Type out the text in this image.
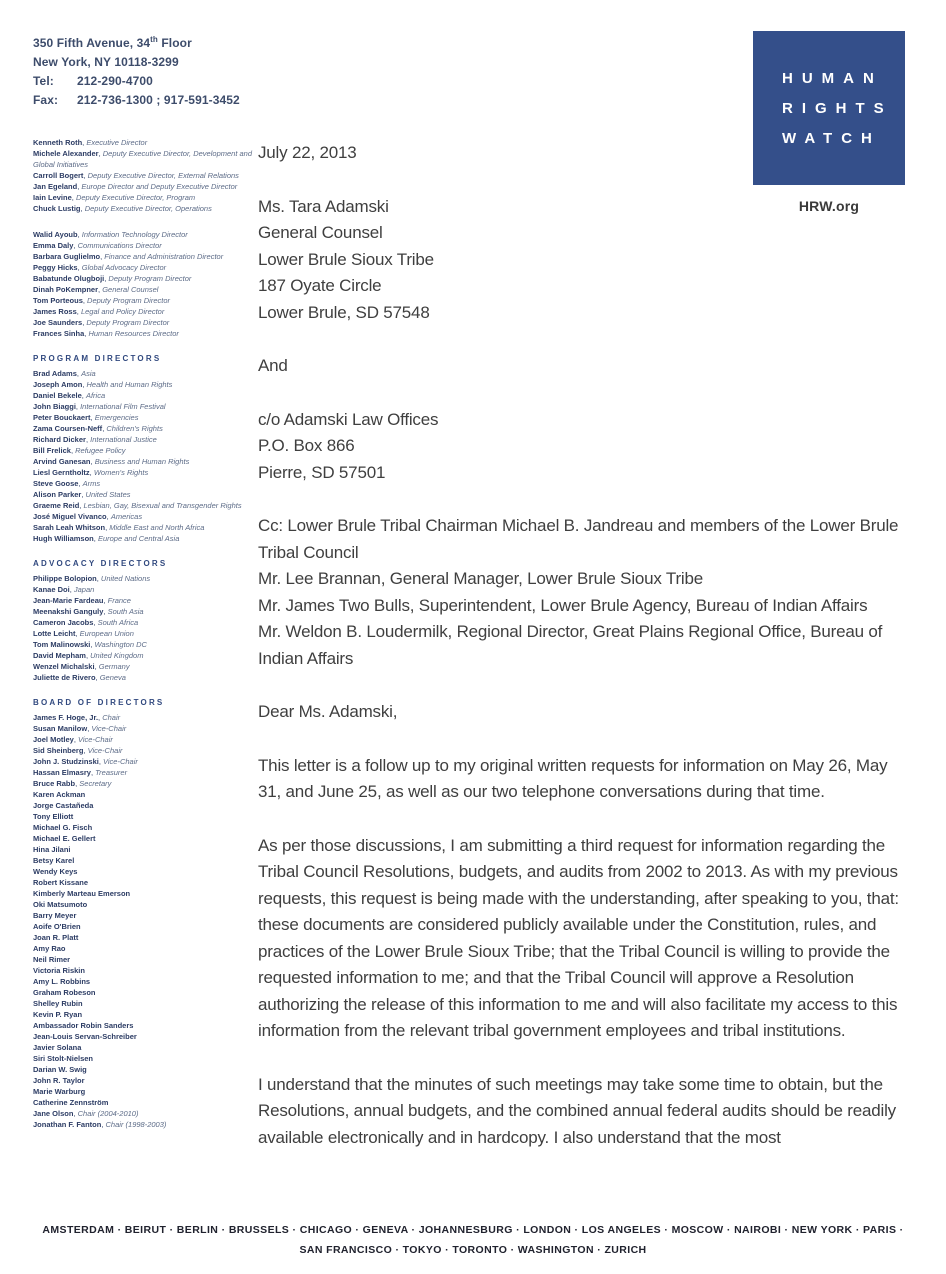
350 Fifth Avenue, 34th Floor
New York, NY 10118-3299
Tel:	212-290-4700
Fax:	212-736-1300 ; 917-591-3452
Kenneth Roth , Executive Director
Michele Alexander , Deputy Executive Director, Development and Global Initiatives
Carroll Bogert , Deputy Executive Director, External Relations
Jan Egeland , Europe Director and Deputy Executive Director
Iain Levine , Deputy Executive Director, Program
Chuck Lustig , Deputy Executive Director, Operations
Walid Ayoub , Information Technology Director
Emma Daly , Communications Director
Barbara Guglielmo , Finance and Administration Director
Peggy Hicks , Global Advocacy Director
Babatunde Olugboji , Deputy Program Director
Dinah PoKempner , General Counsel
Tom Porteous , Deputy Program Director
James Ross , Legal and Policy Director
Joe Saunders , Deputy Program Director
Frances Sinha , Human Resources Director
PROGRAM DIRECTORS
Brad Adams , Asia
Joseph Amon , Health and Human Rights
Daniel Bekele , Africa
John Biaggi , International Film Festival
Peter Bouckaert , Emergencies
Zama Coursen-Neff , Children's Rights
Richard Dicker , International Justice
Bill Frelick , Refugee Policy
Arvind Ganesan , Business and Human Rights
Liesl Gerntholtz , Women's Rights
Steve Goose , Arms
Alison Parker , United States
Graeme Reid , Lesbian, Gay, Bisexual and Transgender Rights
José Miguel Vivanco , Americas
Sarah Leah Whitson , Middle East and North Africa
Hugh Williamson , Europe and Central Asia
ADVOCACY DIRECTORS
Philippe Bolopion , United Nations
Kanae Doi , Japan
Jean-Marie Fardeau , France
Meenakshi Ganguly , South Asia
Cameron Jacobs , South Africa
Lotte Leicht , European Union
Tom Malinowski , Washington DC
David Mepham , United Kingdom
Wenzel Michalski , Germany
Juliette de Rivero , Geneva
BOARD OF DIRECTORS
James F. Hoge, Jr. , Chair
Susan Manilow , Vice-Chair
Joel Motley , Vice-Chair
Sid Sheinberg , Vice-Chair
John J. Studzinski , Vice-Chair
Hassan Elmasry , Treasurer
Bruce Rabb , Secretary
Karen Ackman
Jorge Castañeda
Tony Elliott
Michael G. Fisch
Michael E. Gellert
Hina Jilani
Betsy Karel
Wendy Keys
Robert Kissane
Kimberly Marteau Emerson
Oki Matsumoto
Barry Meyer
Aoife O'Brien
Joan R. Platt
Amy Rao
Neil Rimer
Victoria Riskin
Amy L. Robbins
Graham Robeson
Shelley Rubin
Kevin P. Ryan
Ambassador Robin Sanders
Jean-Louis Servan-Schreiber
Javier Solana
Siri Stolt-Nielsen
Darian W. Swig
John R. Taylor
Marie Warburg
Catherine Zennström
Jane Olson , Chair (2004-2010)
Jonathan F. Fanton , Chair (1998-2003)
HUMAN
RIGHTS
WATCH
HRW.org
July 22, 2013
Ms. Tara Adamski
General Counsel
Lower Brule Sioux Tribe
187 Oyate Circle
Lower Brule, SD 57548
And
c/o Adamski Law Offices
P.O. Box 866
Pierre, SD 57501
Cc: Lower Brule Tribal Chairman Michael B. Jandreau and members of the Lower Brule Tribal Council
Mr. Lee Brannan, General Manager, Lower Brule Sioux Tribe
Mr. James Two Bulls, Superintendent, Lower Brule Agency, Bureau of Indian Affairs
Mr. Weldon B. Loudermilk, Regional Director, Great Plains Regional Office, Bureau of Indian Affairs
Dear Ms. Adamski,

This letter is a follow up to my original written requests for information on May 26, May 31, and June 25, as well as our two telephone conversations during that time.

As per those discussions, I am submitting a third request for information regarding the Tribal Council Resolutions, budgets, and audits from 2002 to 2013. As with my previous requests, this request is being made with the understanding, after speaking to you, that: these documents are considered publicly available under the Constitution, rules, and practices of the Lower Brule Sioux Tribe; that the Tribal Council is willing to provide the requested information to me; and that the Tribal Council will approve a Resolution authorizing the release of this information to me and will also facilitate my access to this information from the relevant tribal government employees and tribal institutions.

I understand that the minutes of such meetings may take some time to obtain, but the Resolutions, annual budgets, and the combined annual federal audits should be readily available electronically and in hardcopy. I also understand that the most

AMSTERDAM · BEIRUT · BERLIN · BRUSSELS · CHICAGO · GENEVA · JOHANNESBURG · LONDON · LOS ANGELES · MOSCOW · NAIROBI · NEW YORK · PARIS ·
SAN FRANCISCO · TOKYO · TORONTO · WASHINGTON · ZURICH
